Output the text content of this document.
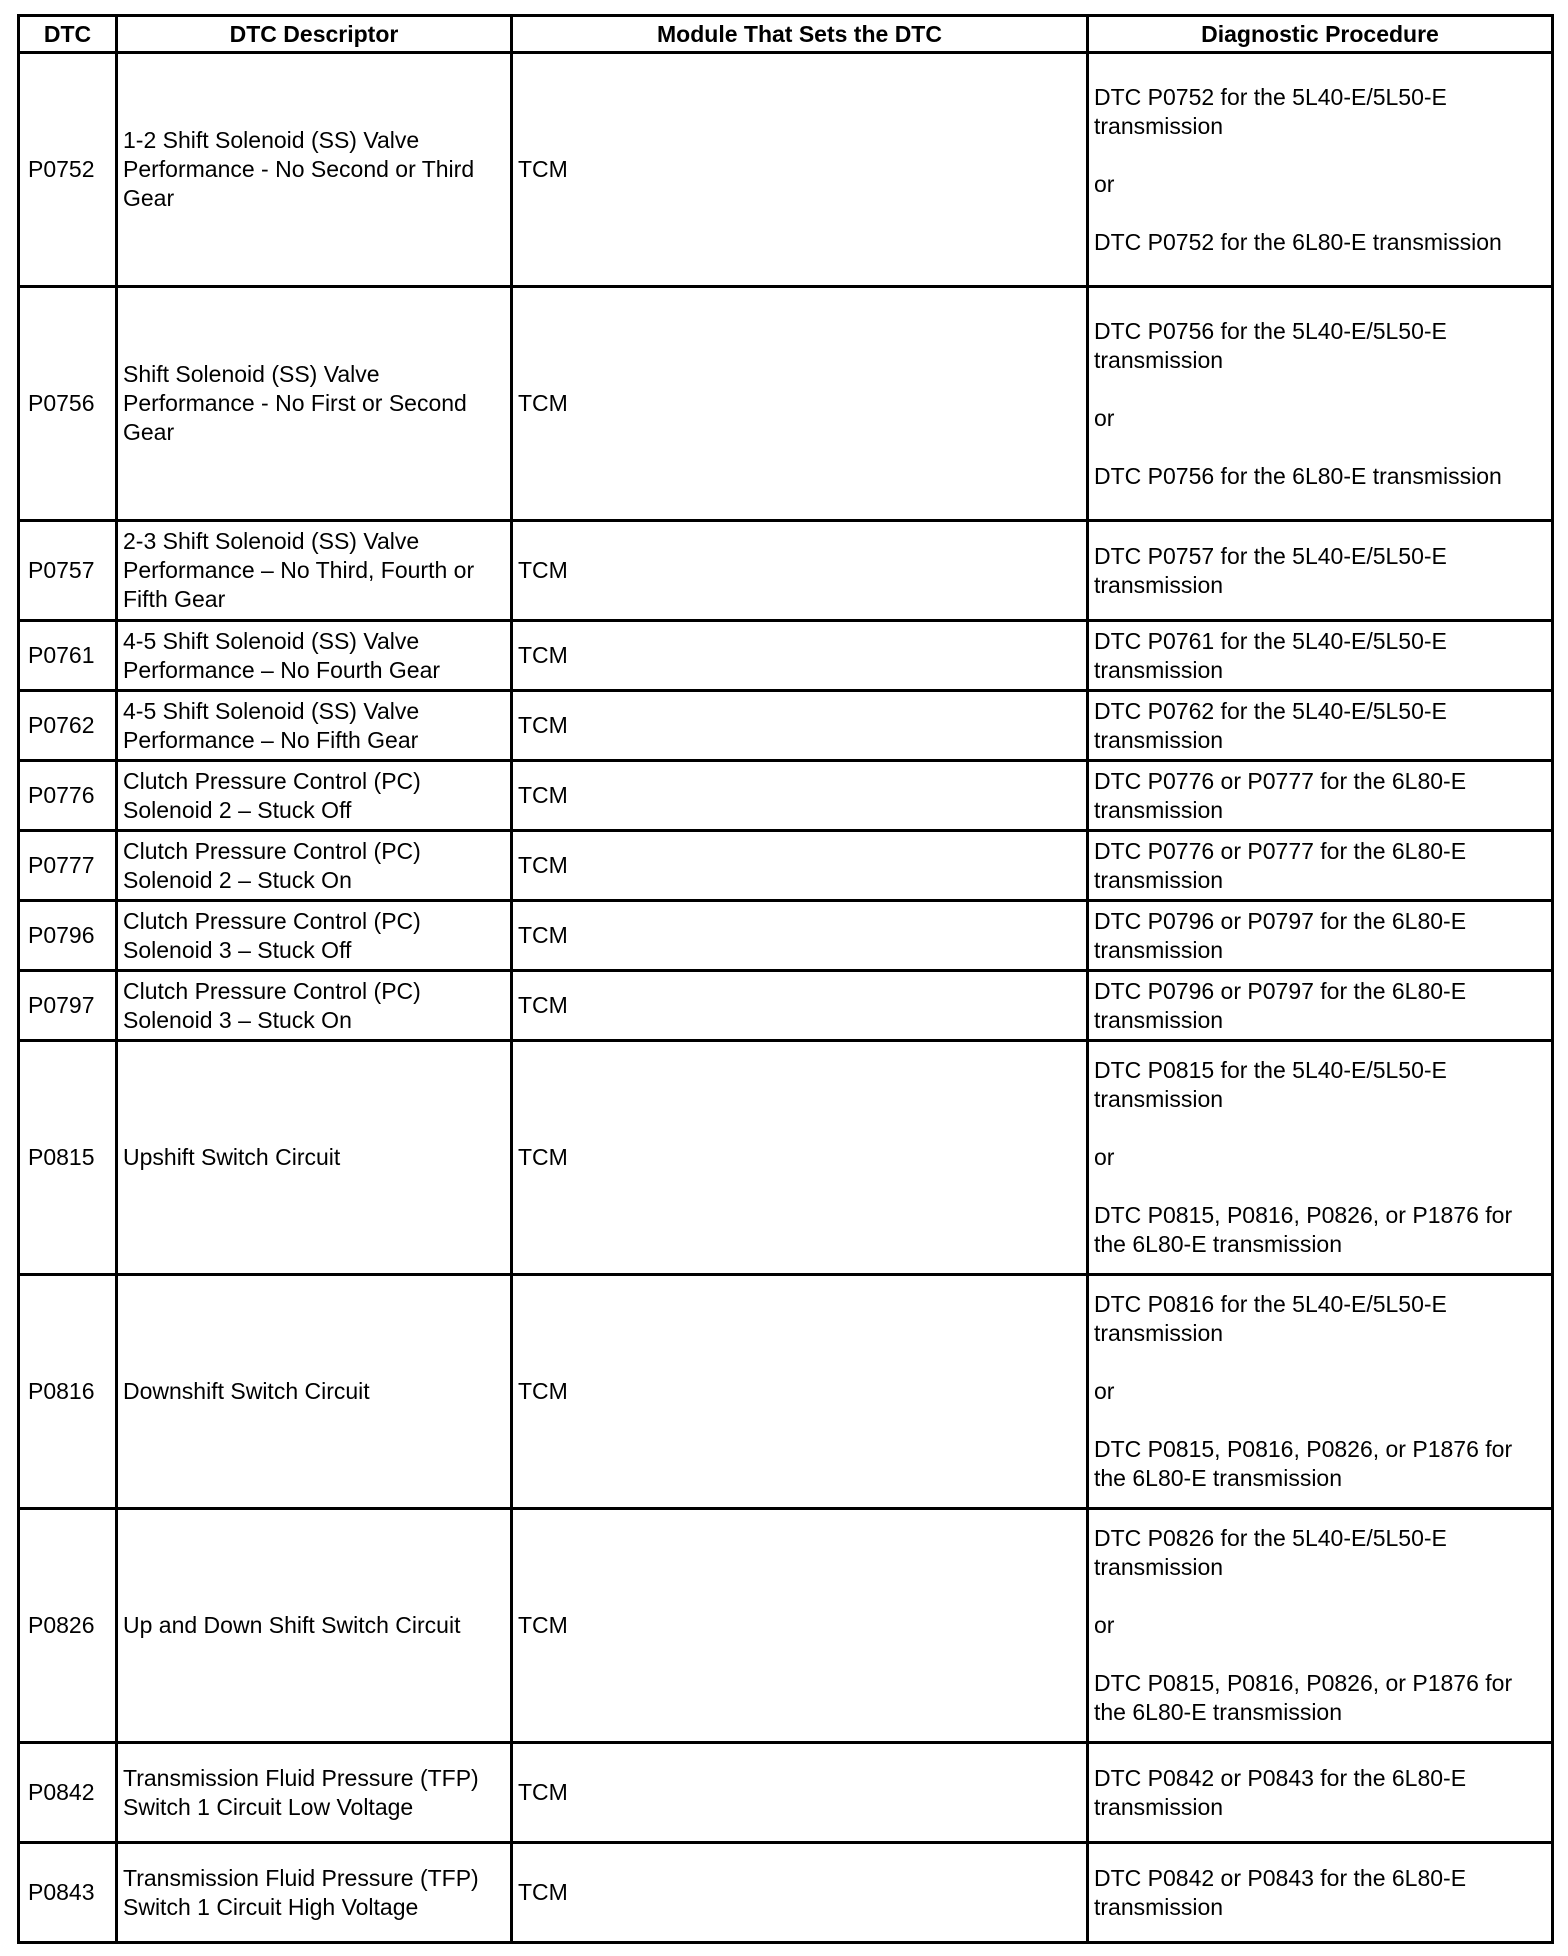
DTC	DTC Descriptor	Module That Sets the DTC	Diagnostic Procedure
P0752	1-2 Shift Solenoid (SS) Valve Performance - No Second or Third Gear	TCM	DTC P0752 for the 5L40-E/5L50-E transmission
or
DTC P0752 for the 6L80-E transmission

P0756	Shift Solenoid (SS) Valve Performance - No First or Second Gear	TCM	DTC P0756 for the 5L40-E/5L50-E transmission
or
DTC P0756 for the 6L80-E transmission

P0757	2-3 Shift Solenoid (SS) Valve Performance – No Third, Fourth or Fifth Gear	TCM	DTC P0757 for the 5L40-E/5L50-E transmission

P0761	4-5 Shift Solenoid (SS) Valve Performance – No Fourth Gear	TCM	DTC P0761 for the 5L40-E/5L50-E transmission

P0762	4-5 Shift Solenoid (SS) Valve Performance – No Fifth Gear	TCM	DTC P0762 for the 5L40-E/5L50-E transmission

P0776	Clutch Pressure Control (PC) Solenoid 2 – Stuck Off	TCM	DTC P0776 or P0777 for the 6L80-E transmission

P0777	Clutch Pressure Control (PC) Solenoid 2 – Stuck On	TCM	DTC P0776 or P0777 for the 6L80-E transmission

P0796	Clutch Pressure Control (PC) Solenoid 3 – Stuck Off	TCM	DTC P0796 or P0797 for the 6L80-E transmission

P0797	Clutch Pressure Control (PC) Solenoid 3 – Stuck On	TCM	DTC P0796 or P0797 for the 6L80-E transmission

P0815	Upshift Switch Circuit	TCM	DTC P0815 for the 5L40-E/5L50-E transmission
or
DTC P0815, P0816, P0826, or P1876 for the 6L80-E transmission

P0816	Downshift Switch Circuit	TCM	DTC P0816 for the 5L40-E/5L50-E transmission
or
DTC P0815, P0816, P0826, or P1876 for the 6L80-E transmission

P0826	Up and Down Shift Switch Circuit	TCM	DTC P0826 for the 5L40-E/5L50-E transmission
or
DTC P0815, P0816, P0826, or P1876 for the 6L80-E transmission

P0842	Transmission Fluid Pressure (TFP) Switch 1 Circuit Low Voltage	TCM	DTC P0842 or P0843 for the 6L80-E transmission

P0843	Transmission Fluid Pressure (TFP) Switch 1 Circuit High Voltage	TCM	DTC P0842 or P0843 for the 6L80-E transmission
